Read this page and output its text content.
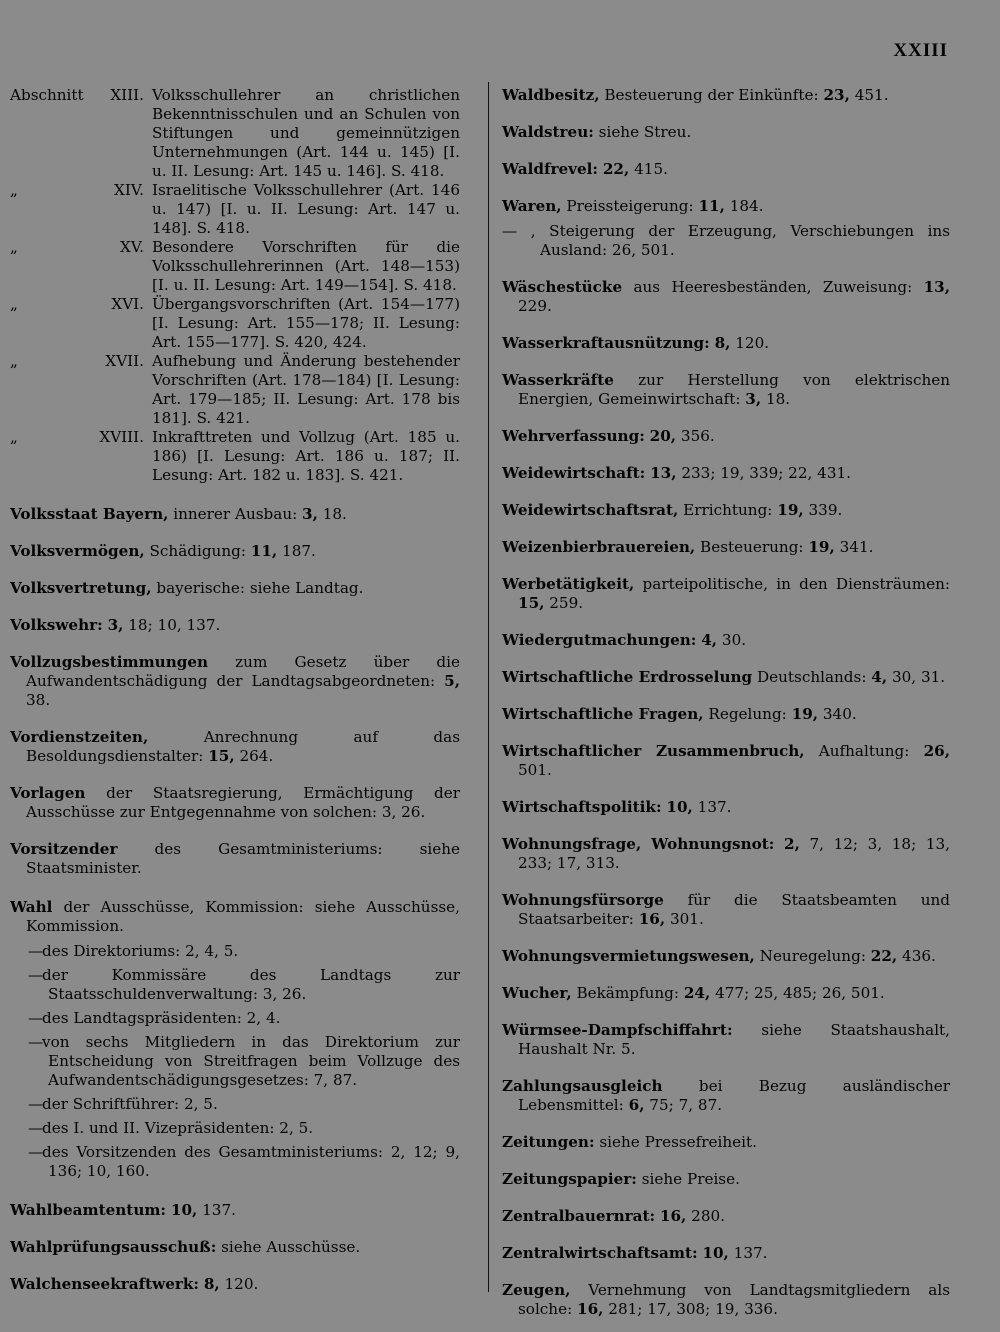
XXIII
Abschnitt	XIII. Volksschullehrer an christlichen Bekenntnisschulen und an Schulen von Stiftungen und gemeinnützigen Unternehmungen (Art. 144 u. 145) [I. u. II. Lesung: Art. 145 u. 146]. S. 418.
„	XIV. Israelitische Volksschullehrer (Art. 146 u. 147) [I. u. II. Lesung: Art. 147 u. 148]. S. 418.
„	XV. Besondere Vorschriften für die Volksschullehrerinnen (Art. 148—153) [I. u. II. Lesung: Art. 149—154]. S. 418.
„	XVI. Übergangsvorschriften (Art. 154—177) [I. Lesung: Art. 155—178; II. Lesung: Art. 155—177]. S. 420, 424.
„	XVII. Aufhebung und Änderung bestehender Vorschriften (Art. 178—184) [I. Lesung: Art. 179—185; II. Lesung: Art. 178 bis 181]. S. 421.
„	XVIII. Inkrafttreten und Vollzug (Art. 185 u. 186) [I. Lesung: Art. 186 u. 187; II. Lesung: Art. 182 u. 183]. S. 421.
Volksstaat Bayern, innerer Ausbau: 3, 18.
Volksvermögen, Schädigung: 11, 187.
Volksvertretung, bayerische: siehe Landtag.
Volkswehr: 3, 18; 10, 137.
Vollzugsbestimmungen zum Gesetz über die Aufwandentschädigung der Landtagsabgeordneten: 5, 38.
Vordienstzeiten, Anrechnung auf das Besoldungsdienstalter: 15, 264.
Vorlagen der Staatsregierung, Ermächtigung der Ausschüsse zur Entgegennahme von solchen: 3, 26.
Vorsitzender des Gesamtministeriums: siehe Staatsminister.
Wahl der Ausschüsse, Kommission: siehe Ausschüsse, Kommission.
—des Direktoriums: 2, 4, 5.
—der Kommissäre des Landtags zur Staatsschuldenverwaltung: 3, 26.
—des Landtagspräsidenten: 2, 4.
—von sechs Mitgliedern in das Direktorium zur Entscheidung von Streitfragen beim Vollzuge des Aufwandentschädigungsgesetzes: 7, 87.
—der Schriftführer: 2, 5.
—des I. und II. Vizepräsidenten: 2, 5.
—des Vorsitzenden des Gesamtministeriums: 2, 12; 9, 136; 10, 160.
Wahlbeamtentum: 10, 137.
Wahlprüfungsausschuß: siehe Ausschüsse.
Walchenseekraftwerk: 8, 120.
Waldbesitz, Besteuerung der Einkünfte: 23, 451.
Waldstreu: siehe Streu.
Waldfrevel: 22, 415.
Waren, Preissteigerung: 11, 184.
— , Steigerung der Erzeugung, Verschiebungen ins Ausland: 26, 501.
Wäschestücke aus Heeresbeständen, Zuweisung: 13, 229.
Wasserkraftausnützung: 8, 120.
Wasserkräfte zur Herstellung von elektrischen Energien, Gemeinwirtschaft: 3, 18.
Wehrverfassung: 20, 356.
Weidewirtschaft: 13, 233; 19, 339; 22, 431.
Weidewirtschaftsrat, Errichtung: 19, 339.
Weizenbierbrauereien, Besteuerung: 19, 341.
Werbetätigkeit, parteipolitische, in den Diensträumen: 15, 259.
Wiedergutmachungen: 4, 30.
Wirtschaftliche Erdrosselung Deutschlands: 4, 30, 31.
Wirtschaftliche Fragen, Regelung: 19, 340.
Wirtschaftlicher Zusammenbruch, Aufhaltung: 26, 501.
Wirtschaftspolitik: 10, 137.
Wohnungsfrage, Wohnungsnot: 2, 7, 12; 3, 18; 13, 233; 17, 313.
Wohnungsfürsorge für die Staatsbeamten und Staatsarbeiter: 16, 301.
Wohnungsvermietungswesen, Neuregelung: 22, 436.
Wucher, Bekämpfung: 24, 477; 25, 485; 26, 501.
Würmsee-Dampfschiffahrt: siehe Staatshaushalt, Haushalt Nr. 5.
Zahlungsausgleich bei Bezug ausländischer Lebensmittel: 6, 75; 7, 87.
Zeitungen: siehe Pressefreiheit.
Zeitungspapier: siehe Preise.
Zentralbauernrat: 16, 280.
Zentralwirtschaftsamt: 10, 137.
Zeugen, Vernehmung von Landtagsmitgliedern als solche: 16, 281; 17, 308; 19, 336.
